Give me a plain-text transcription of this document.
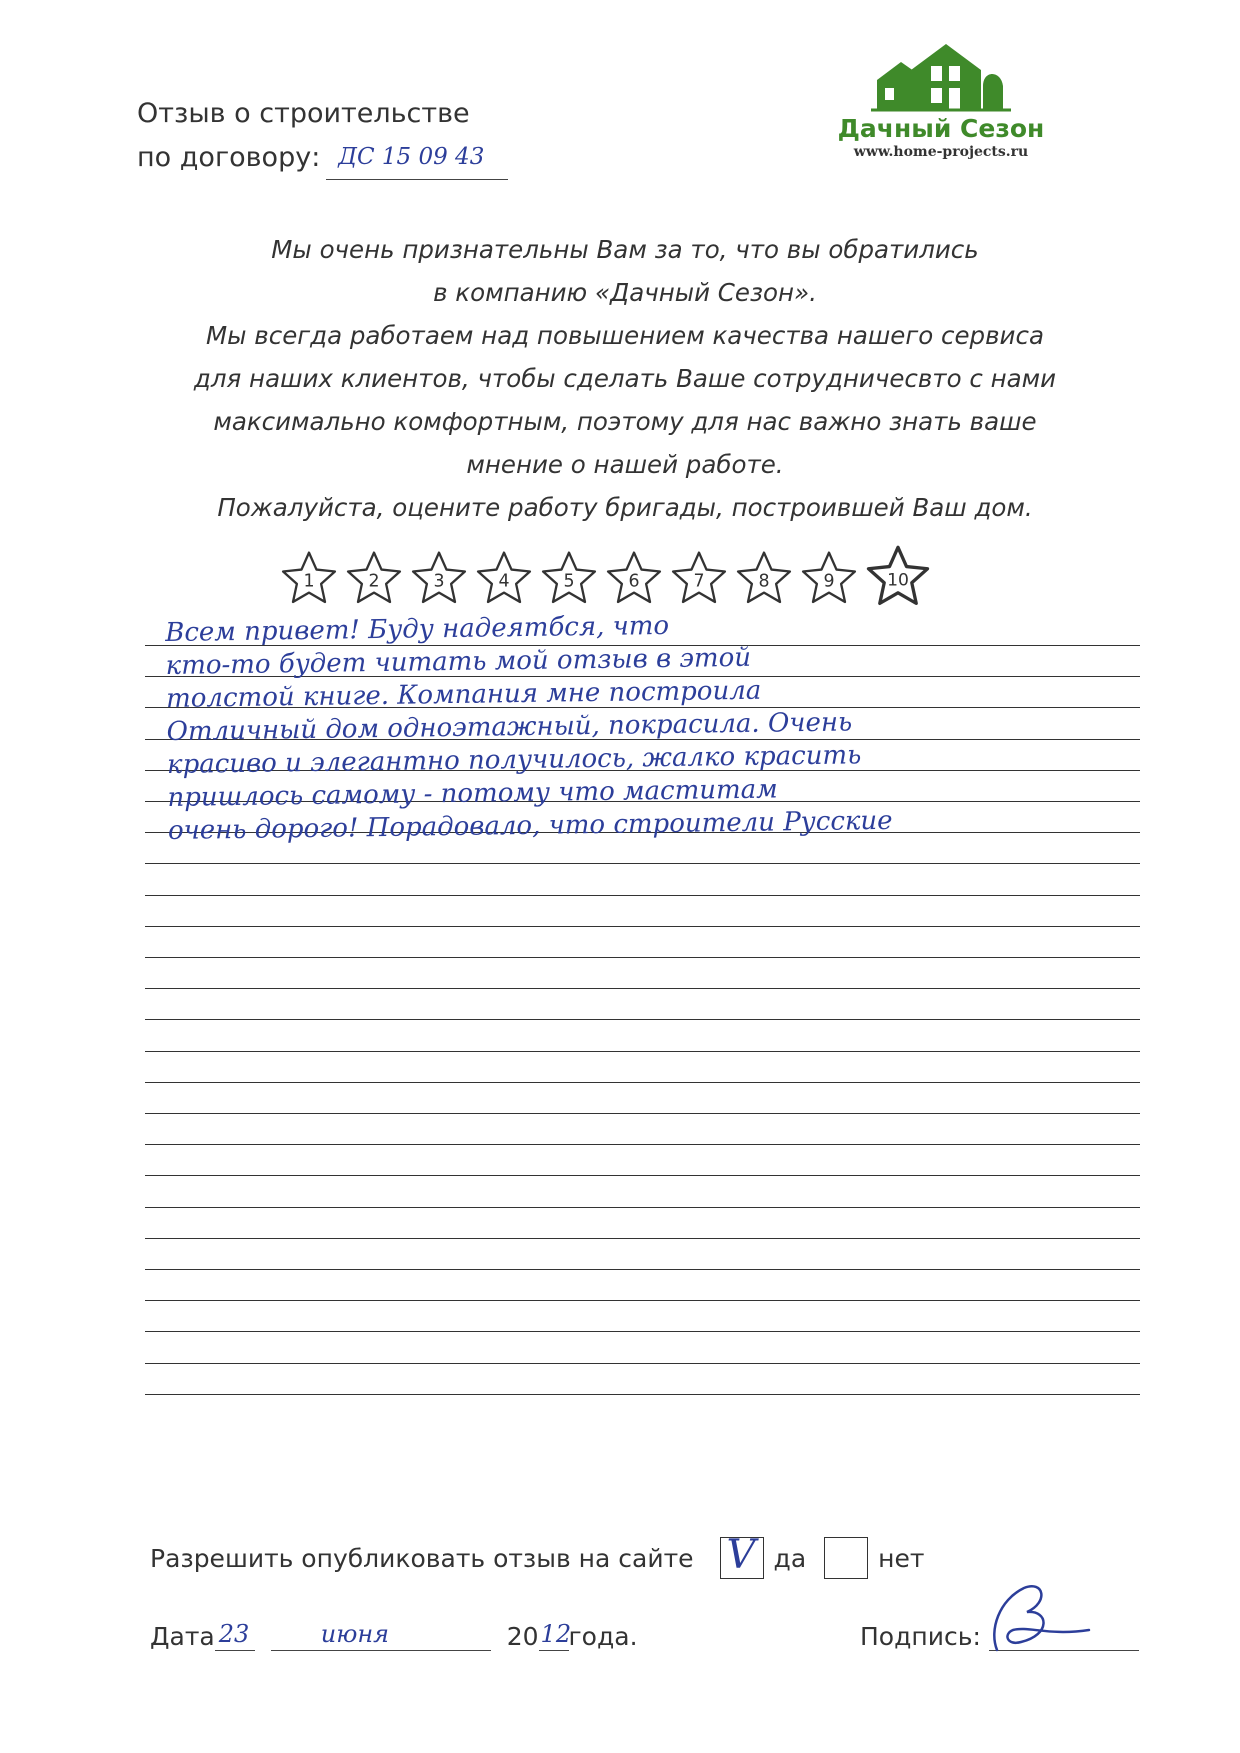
Отзыв о строительстве
по договору: ДС 15 09 43
Дачный Сезон
www.home-projects.ru
Мы очень признательны Вам за то, что вы обратились
в компанию «Дачный Сезон».
Мы всегда работаем над повышением качества нашего сервиса
для наших клиентов, чтобы сделать Ваше сотрудничесвто с нами
максимально комфортным, поэтому для нас важно знать ваше
мнение о нашей работе.
Пожалуйста, оцените работу бригады, построившей Ваш дом.
1 2 3 4 5 6 7 8 9 10
Всем привет! Буду надеятбся, что
кто-то будет читать мой отзыв в этой
толстой книге. Компания мне построила
Отличный дом одноэтажный, покрасила. Очень
красиво и элегантно получилось, жалко красить
пришлось самому - потому что маститам
очень дорого! Порадовало, что строители Русские
Разрешить опубликовать отзыв на сайте V да	нет
Дата 23	июня	20 12
года.	Подпись:
